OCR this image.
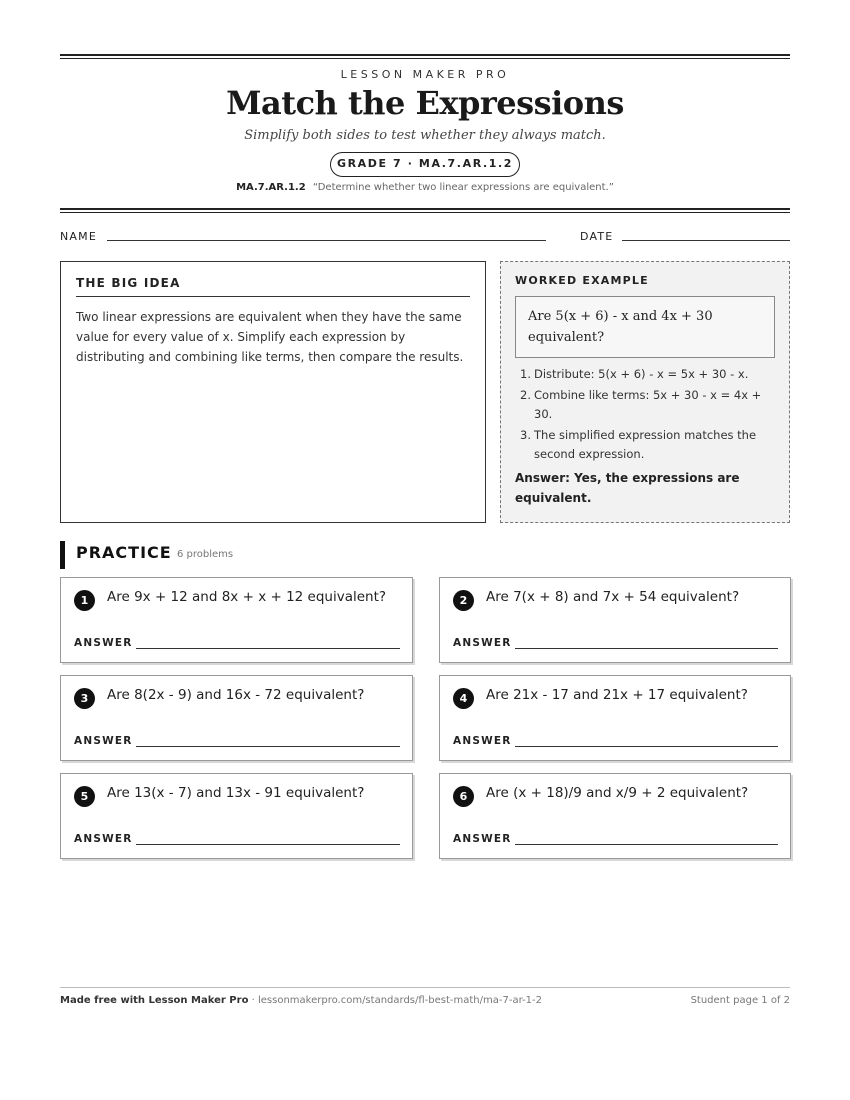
LESSON MAKER PRO
Match the Expressions
Simplify both sides to test whether they always match.
GRADE 7 · MA.7.AR.1.2
MA.7.AR.1.2 “Determine whether two linear expressions are equivalent.”
NAME	DATE
THE BIG IDEA
Two linear expressions are equivalent when they have the same value for every value of x. Simplify each expression by distributing and combining like terms, then compare the results.
WORKED EXAMPLE
Are 5(x + 6) - x and 4x + 30 equivalent?
1. Distribute: 5(x + 6) - x = 5x + 30 - x.
2. Combine like terms: 5x + 30 - x = 4x + 30.
3. The simplified expression matches the second expression.
Answer: Yes, the expressions are equivalent.
PRACTICE 6 problems
1	Are 9x + 12 and 8x + x + 12 equivalent?
ANSWER
2	Are 7(x + 8) and 7x + 54 equivalent?
ANSWER
3	Are 8(2x - 9) and 16x - 72 equivalent?
ANSWER
4	Are 21x - 17 and 21x + 17 equivalent?
ANSWER
5	Are 13(x - 7) and 13x - 91 equivalent?
ANSWER
6	Are (x + 18)/9 and x/9 + 2 equivalent?
ANSWER
Made free with Lesson Maker Pro · lessonmakerpro.com/standards/fl-best-math/ma-7-ar-1-2	Student page 1 of 2
